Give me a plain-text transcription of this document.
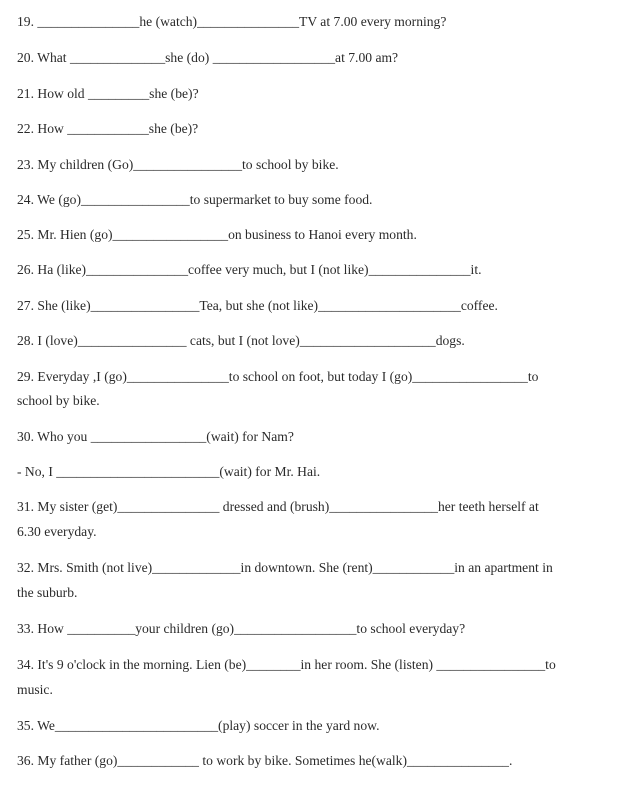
19. _______________he (watch)_______________TV at 7.00 every morning?
20. What ______________she (do) __________________at 7.00 am?
21. How old _________she (be)?
22. How ____________she (be)?
23. My children (Go)________________to school by bike.
24. We (go)________________to supermarket to buy some food.
25. Mr. Hien (go)_________________on business to Hanoi every month.
26. Ha (like)_______________coffee very much, but I (not like)_______________it.
27. She (like)________________Tea, but she (not like)_____________________coffee.
28. I (love)________________ cats, but I (not love)____________________dogs.
29. Everyday ,I (go)_______________to school on foot, but today I (go)_________________to
school by bike.
30. Who you _________________(wait) for Nam?
- No, I ________________________(wait) for Mr. Hai.
31. My sister (get)_______________ dressed and (brush)________________her teeth herself at
6.30 everyday.
32. Mrs. Smith (not live)_____________in downtown. She (rent)____________in an apartment in
the suburb.
33. How __________your children (go)__________________to school everyday?
34. It's 9 o'clock in the morning. Lien (be)________in her room. She (listen) ________________to
music.
35. We________________________(play) soccer in the yard now.
36. My father (go)____________ to work by bike. Sometimes he(walk)_______________.
